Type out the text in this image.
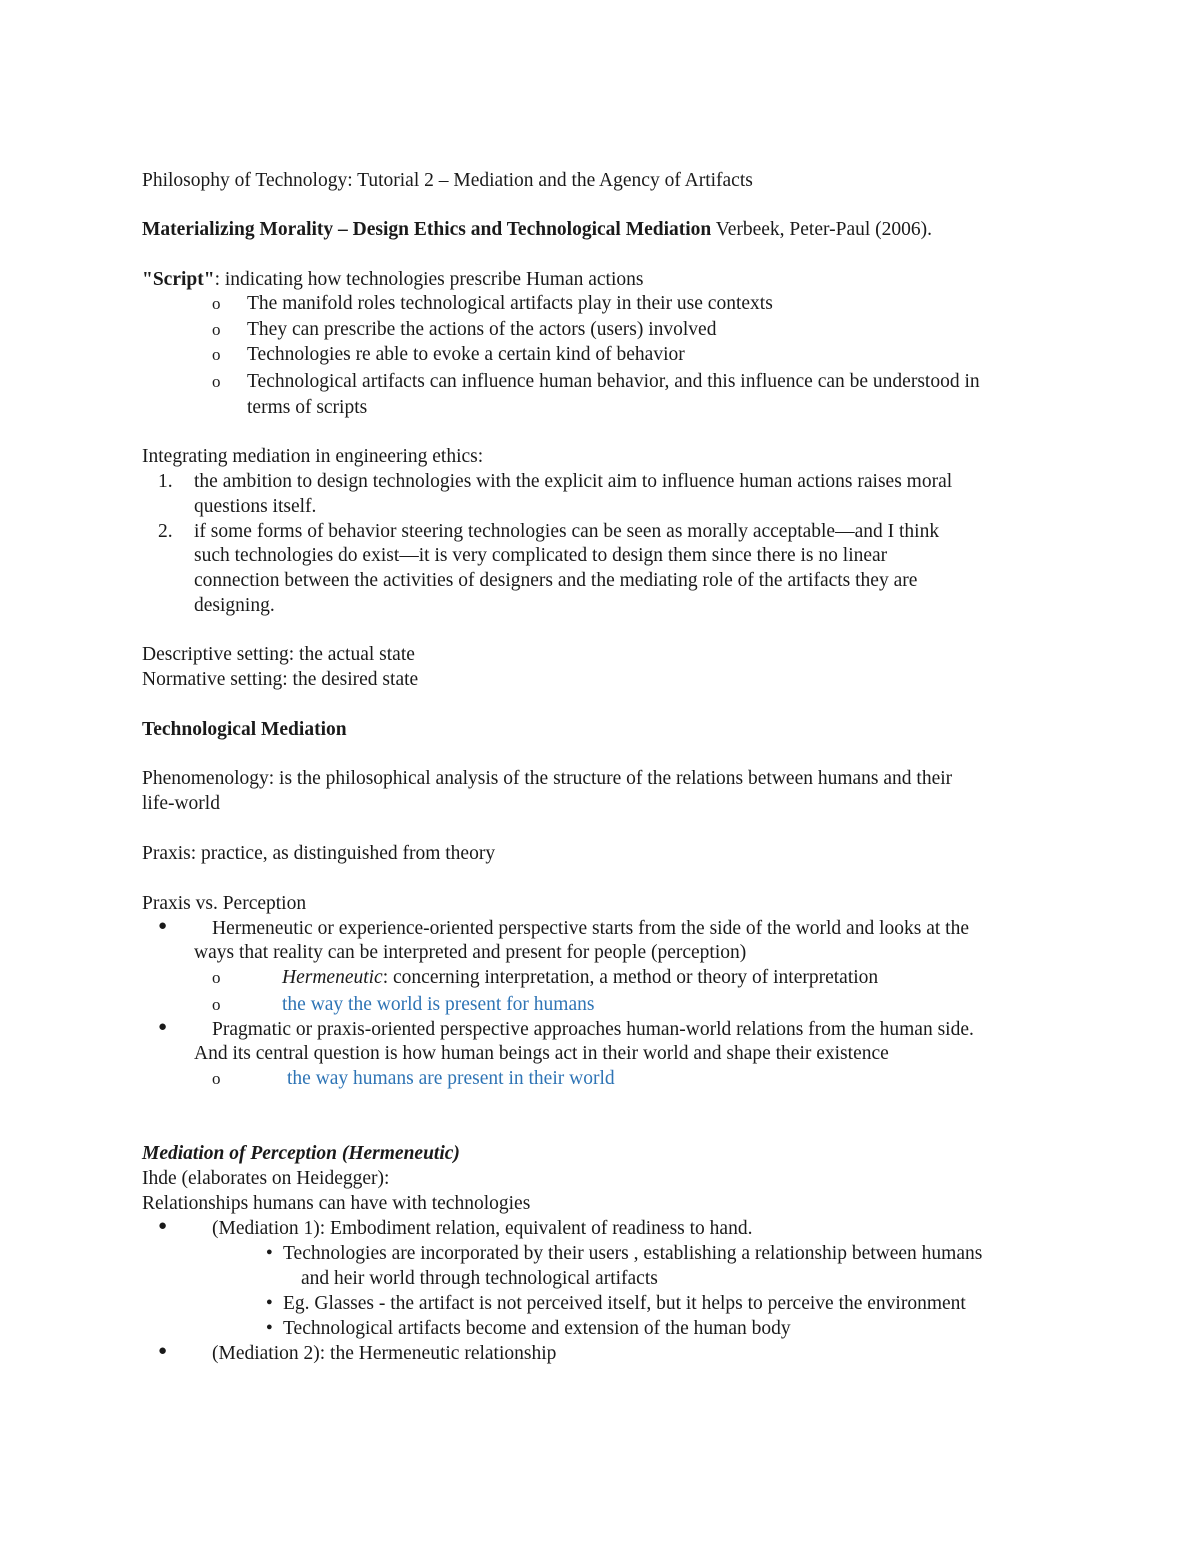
Philosophy of Technology: Tutorial 2 – Mediation and the Agency of Artifacts
Materializing Morality – Design Ethics and Technological Mediation Verbeek, Peter-Paul (2006).
"Script": indicating how technologies prescribe Human actions
o The manifold roles technological artifacts play in their use contexts
o They can prescribe the actions of the actors (users) involved
o Technologies re able to evoke a certain kind of behavior
o Technological artifacts can influence human behavior, and this influence can be understood in
terms of scripts
Integrating mediation in engineering ethics:
1. the ambition to design technologies with the explicit aim to influence human actions raises moral
questions itself.
2. if some forms of behavior steering technologies can be seen as morally acceptable—and I think
such technologies do exist—it is very complicated to design them since there is no linear
connection between the activities of designers and the mediating role of the artifacts they are
designing.
Descriptive setting: the actual state
Normative setting: the desired state
Technological Mediation
Phenomenology: is the philosophical analysis of the structure of the relations between humans and their
life-world
Praxis: practice, as distinguished from theory
Praxis vs. Perception
● Hermeneutic or experience-oriented perspective starts from the side of the world and looks at the
ways that reality can be interpreted and present for people (perception)
o	Hermeneutic: concerning interpretation, a method or theory of interpretation
o	the way the world is present for humans
● Pragmatic or praxis-oriented perspective approaches human-world relations from the human side.
And its central question is how human beings act in their world and shape their existence
o	the way humans are present in their world
Mediation of Perception (Hermeneutic)
Ihde (elaborates on Heidegger):
Relationships humans can have with technologies
● (Mediation 1): Embodiment relation, equivalent of readiness to hand.
● Technologies are incorporated by their users , establishing a relationship between humans
and heir world through technological artifacts
● Eg. Glasses - the artifact is not perceived itself, but it helps to perceive the environment
● Technological artifacts become and extension of the human body
● (Mediation 2): the Hermeneutic relationship
